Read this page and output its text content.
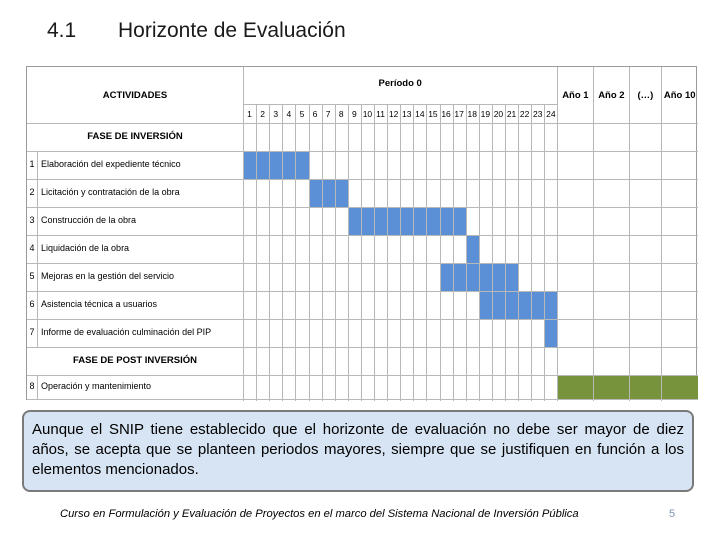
4.1 Horizonte de Evaluación
ACTIVIDADES
Período 0
1 2 3 4 5 6 7 8 9 10 11 12 13 14 15 16 17 18 19 20 21 22 23 24
Año 1	Año 2	(…)	Año 10
FASE DE INVERSIÓN
1 Elaboración del expediente técnico
2 Licitación y contratación de la obra
3 Construcción de la obra
4 Liquidación de la obra
5 Mejoras en la gestión del servicio
6 Asistencia técnica a usuarios
7 Informe de evaluación culminación del PIP
FASE DE POST INVERSIÓN
8 Operación y mantenimiento
Aunque el SNIP tiene establecido que el horizonte de evaluación no debe ser mayor de diez años, se acepta que se planteen periodos mayores, siempre que se justifiquen en función a los elementos mencionados.
Curso en Formulación y Evaluación de Proyectos en el marco del Sistema Nacional de Inversión Pública	5
